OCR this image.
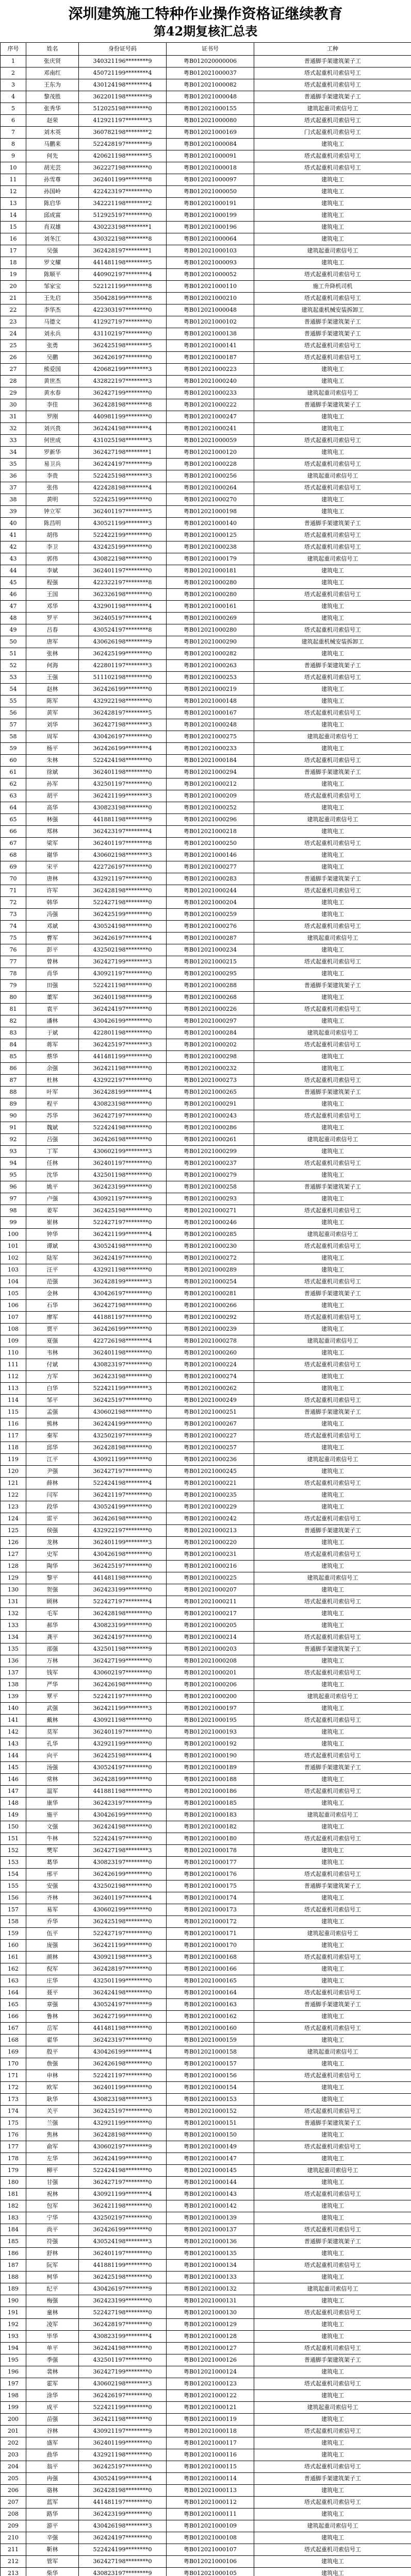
深圳建筑施工特种作业操作资格证继续教育
第42期复核汇总表
序号	姓名	身份证号码	证书号	工种
1	张庆贤	340321196********9	粤B012020000006	普通脚手架建筑架子工
2	邓南红	450721199********4	粤B012021000037	塔式起重机司索信号工
3	王东为	430124198********4	粤B012021000082	塔式起重机司索信号工
4	黎茂胜	362201198********9	粤B012021000048	普通脚手架建筑架子工
5	张秀华	512025198********0	粤B012021000155	建筑起重司索信号工
6	赵荣	412921197********3	粤B012021000080	塔式起重机司索信号工
7	刘木英	360782198********2	粤B012021000169	门式起重机司索信号工
8	马鹏来	522428197********9	粤B012021000084	建筑电工
9	何先	420621198********5	粤B012021000091	塔式起重机司索信号工
10	胡光芸	362227198********0	粤B012021000018	塔式起重机司索信号工
11	孙雪尊	362401199********8	粤B012021000097	建筑电工
12	孙国岭	422423197********0	粤B012021000050	建筑电工
13	陈启华	342221198********2	粤B012021000191	建筑电工
14	邱成富	512925197********0	粤B012021000199	建筑电工
15	肖双雄	430223198********1	粤B012021000196	建筑电工
16	刘冬江	430322198********8	粤B012021000064	建筑电工
17	吴强	362428197********1	粤B012021000103	建筑起重司索信号工
18	罗文耀	441481198********5	粤B012021000093	建筑电工
19	陈顺平	440902197********4	粤B012021000052	塔式起重机司索信号工
20	邹家宝	522121199********8	粤B012021000110	施工升降机司机
21	王先启	350428199********8	粤B012021000210	塔式起重机司索信号工
22	李华杰	422303197********0	粤B012021000048	建筑起重机械安装拆卸工
23	马德文	412927197********0	粤B012021000102	普通脚手架建筑架子工
24	刘永兵	431102197********0	粤B012021000138	普通脚手架建筑架子工
25	张勇	362425198********5	粤B012021000141	塔式起重机司索信号工
26	吴鹏	362426197********0	粤B012021000187	塔式起重机司索信号工
27	熊爱国	420682199********3	粤B012021000223	建筑电工
28	黄世杰	432822197********3	粤B012021000240	建筑电工
29	黄水春	362427199********0	粤B012021000233	建筑起重司索信号工
30	李佳	362428198********8	粤B012021000222	普通脚手架建筑架子工
31	罗刚	440981199********0	粤B012021000247	建筑电工
32	刘兴贵	362424198********4	粤B012021000241	建筑电工
33	何世成	431025198********3	粤B012021000059	塔式起重机司索信号工
34	罗新华	362427198********1	粤B012021000120	建筑电工
35	易卫兵	362424197********9	粤B012021000228	塔式起重机司索信号工
36	李贵	522425198********3	粤B012021000256	建筑起重司索信号工
37	张伟	422428198********4	粤B012021000264	塔式起重机司索信号工
38	黄明	522425199********0	粤B012021000270	建筑电工
39	钟立军	362401197********5	粤B012021000198	建筑电工
40	陈昌明	430521199********3	粤B012021000140	普通脚手架建筑架子工
41	胡伟	522422199********0	粤B012021000125	塔式起重机司索信号工
42	李卫	432425199********0	粤B012021000238	塔式起重机司索信号工
43	郭伟	430822198********0	粤B012021000179	建筑起重司索信号工
44	李斌	362401197********0	粤B012021000181	建筑电工
45	程强	422322197********8	粤B012021000280	建筑电工
46	王国	362326198********0	粤B012021000280	塔式起重机司索信号工
47	邓华	432901198********4	粤B012021000161	建筑电工
48	罗平	362405197********4	粤B012021000269	建筑电工
49	吕春	430524197********8	粤B012021000280	塔式起重机司索信号工
50	唐军	430626198********9	粤B012021000290	建筑起重机械安装拆卸工
51	张林	362425199********0	粤B012021000282	建筑电工
52	何海	422801197********3	粤B012021000263	普通脚手架建筑架子工
53	王强	511102198********0	粤B012021000253	塔式起重机司索信号工
54	赵林	362426199********0	粤B012021000219	建筑电工
55	陈军	432922198********0	粤B012021000148	建筑电工
56	黄军	362428197********5	粤B012021000167	塔式起重机司索信号工
57	刘华	362427198********3	粤B012021000248	建筑电工
58	周军	430426197********0	粤B012021000275	建筑起重司索信号工
59	杨平	362426199********4	粤B012021000233	建筑电工
60	朱林	522424198********0	粤B012021000184	塔式起重机司索信号工
61	徐斌	362401198********0	粤B012021000294	普通脚手架建筑架子工
62	孙军	432501197********0	粤B012021000212	建筑电工
63	胡平	362421199********3	粤B012021000209	塔式起重机司索信号工
64	高华	430823198********0	粤B012021000252	建筑电工
65	林强	441881198********9	粤B012021000296	建筑起重司索信号工
66	郑林	362423197********4	粤B012021000218	建筑电工
67	梁军	362401197********8	粤B012021000250	塔式起重机司索信号工
68	谢华	430602198********3	粤B012021000146	建筑电工
69	宋平	422726197********0	粤B012021000277	建筑电工
70	唐林	432921197********0	粤B012021000283	普通脚手架建筑架子工
71	许军	362428198********0	粤B012021000244	塔式起重机司索信号工
72	韩华	522427198********0	粤B012021000204	建筑电工
73	冯强	362425199********0	粤B012021000259	建筑电工
74	邓斌	430524198********0	粤B012021000276	塔式起重机司索信号工
75	曹军	362426197********4	粤B012021000287	建筑起重司索信号工
76	彭平	432502198********0	粤B012021000234	建筑电工
77	曾林	362427199********3	粤B012021000215	塔式起重机司索信号工
78	肖华	430921197********0	粤B012021000295	建筑电工
79	田强	522421198********0	粤B012021000288	普通脚手架建筑架子工
80	董军	362401198********9	粤B012021000268	建筑电工
81	袁平	362424197********0	粤B012021000226	塔式起重机司索信号工
82	潘林	430426199********0	粤B012021000297	建筑电工
83	于斌	422801198********0	粤B012021000284	建筑起重司索信号工
84	蒋军	362425197********3	粤B012021000202	塔式起重机司索信号工
85	蔡华	441481199********0	粤B012021000298	建筑电工
86	余强	362421198********0	粤B012021000232	建筑电工
87	杜林	432922197********0	粤B012021000273	塔式起重机司索信号工
88	叶军	362428199********4	粤B012021000265	普通脚手架建筑架子工
89	程平	430823198********0	粤B012021000291	建筑电工
90	苏华	362427197********0	粤B012021000243	塔式起重机司索信号工
91	魏斌	522424198********0	粤B012021000286	建筑电工
92	吕强	362426198********0	粤B012021000261	建筑起重司索信号工
93	丁军	430602199********3	粤B012021000299	建筑电工
94	任林	362401197********0	粤B012021000237	塔式起重机司索信号工
95	沈华	432501198********0	粤B012021000279	建筑电工
96	姚平	362423199********0	粤B012021000258	普通脚手架建筑架子工
97	卢强	430921197********9	粤B012021000293	建筑电工
98	姜军	362425198********0	粤B012021000271	塔式起重机司索信号工
99	崔林	522427197********0	粤B012021000246	建筑电工
100	钟华	362421199********4	粤B012021000285	建筑起重司索信号工
101	谭斌	430524198********0	粤B012021000230	塔式起重机司索信号工
102	陆军	362424197********0	粤B012021000272	建筑电工
103	汪平	432921198********0	粤B012021000289	建筑电工
104	范强	362428199********3	粤B012021000254	塔式起重机司索信号工
105	金林	430426197********0	粤B012021000281	普通脚手架建筑架子工
106	石华	362427198********0	粤B012021000266	建筑电工
107	廖军	441881197********0	粤B012021000292	塔式起重机司索信号工
108	贾平	362426199********0	粤B012021000239	建筑电工
109	夏强	422726198********4	粤B012021000278	建筑起重司索信号工
110	韦林	362401198********0	粤B012021000260	建筑电工
111	付斌	430823197********0	粤B012021000224	塔式起重机司索信号工
112	方军	362423198********0	粤B012021000274	建筑电工
113	白华	522421199********3	粤B012021000262	建筑电工
114	邹平	362425197********0	粤B012021000249	塔式起重机司索信号工
115	孟强	430602198********0	粤B012021000251	普通脚手架建筑架子工
116	熊林	362424199********0	粤B012021000267	建筑电工
117	秦军	432502197********9	粤B012021000227	塔式起重机司索信号工
118	邱华	362428198********0	粤B012021000257	建筑电工
119	江平	430921199********0	粤B012021000236	建筑起重司索信号工
120	尹强	362427197********0	粤B012021000245	建筑电工
121	薛林	522424198********4	粤B012021000221	塔式起重机司索信号工
122	闫军	362421197********0	粤B012021000235	建筑电工
123	段华	430524199********0	粤B012021000229	建筑电工
124	雷平	362426198********0	粤B012021000242	塔式起重机司索信号工
125	侯强	432922197********0	粤B012021000213	普通脚手架建筑架子工
126	龙林	362401199********3	粤B012021000220	建筑电工
127	史军	430426198********0	粤B012021000231	塔式起重机司索信号工
128	陶华	362425197********0	粤B012021000216	建筑电工
129	黎平	441481198********0	粤B012021000225	建筑起重司索信号工
130	贺强	362423199********0	粤B012021000207	建筑电工
131	顾林	522427197********4	粤B012021000211	塔式起重机司索信号工
132	毛军	362428198********0	粤B012021000217	建筑电工
133	郝华	430823199********0	粤B012021000205	建筑电工
134	龚平	362424197********0	粤B012021000214	塔式起重机司索信号工
135	邵强	432501198********9	粤B012021000203	普通脚手架建筑架子工
136	万林	362427199********0	粤B012021000208	建筑电工
137	钱军	430602197********0	粤B012021000201	塔式起重机司索信号工
138	严华	362426198********0	粤B012021000206	建筑电工
139	覃平	522421197********0	粤B012021000200	建筑起重司索信号工
140	武强	362421199********3	粤B012021000197	建筑电工
141	戴林	430921198********0	粤B012021000195	塔式起重机司索信号工
142	莫军	362401197********0	粤B012021000193	建筑电工
143	孔华	432921199********0	粤B012021000192	建筑电工
144	向平	362425198********4	粤B012021000190	塔式起重机司索信号工
145	汤强	430524197********0	粤B012021000189	普通脚手架建筑架子工
146	常林	362428199********0	粤B012021000188	建筑电工
147	温军	441881198********0	粤B012021000186	塔式起重机司索信号工
148	康华	362423197********9	粤B012021000185	建筑电工
149	施平	430426199********0	粤B012021000183	建筑起重司索信号工
150	文强	362424198********0	粤B012021000182	建筑电工
151	牛林	522424197********0	粤B012021000180	塔式起重机司索信号工
152	樊军	362427198********3	粤B012021000178	建筑电工
153	葛华	430823197********0	粤B012021000177	建筑电工
154	邢平	362426199********0	粤B012021000176	塔式起重机司索信号工
155	安强	432502198********0	粤B012021000175	普通脚手架建筑架子工
156	齐林	362401197********4	粤B012021000174	建筑电工
157	易军	430602199********0	粤B012021000173	塔式起重机司索信号工
158	乔华	362425198********0	粤B012021000172	建筑电工
159	伍平	522427197********0	粤B012021000171	建筑起重司索信号工
160	庞强	362421199********0	粤B012021000170	建筑电工
161	颜林	430921198********3	粤B012021000168	塔式起重机司索信号工
162	倪军	362428197********0	粤B012021000166	建筑电工
163	庄华	432501199********0	粤B012021000165	建筑电工
164	聂平	362424198********0	粤B012021000164	塔式起重机司索信号工
165	章强	430524197********9	粤B012021000163	普通脚手架建筑架子工
166	鲁林	362427199********0	粤B012021000162	建筑电工
167	岳军	441481198********0	粤B012021000160	塔式起重机司索信号工
168	翟华	362423197********0	粤B012021000159	建筑电工
169	殷平	430426199********4	粤B012021000158	建筑起重司索信号工
170	詹强	362426198********0	粤B012021000157	建筑电工
171	申林	522421197********0	粤B012021000156	塔式起重机司索信号工
172	欧军	362401199********0	粤B012021000154	建筑电工
173	耿华	430823198********3	粤B012021000153	建筑电工
174	关平	362425197********0	粤B012021000152	塔式起重机司索信号工
175	兰强	432921199********0	粤B012021000151	普通脚手架建筑架子工
176	焦林	362428198********0	粤B012021000150	建筑电工
177	俞军	430602197********9	粤B012021000149	塔式起重机司索信号工
178	左华	362424199********0	粤B012021000147	建筑电工
179	柳平	522424198********0	粤B012021000145	建筑起重司索信号工
180	甘强	362427197********0	粤B012021000144	建筑电工
181	祝林	430921199********4	粤B012021000143	塔式起重机司索信号工
182	包军	362421198********0	粤B012021000142	建筑电工
183	宁华	432502197********0	粤B012021000139	建筑电工
184	尚平	362426199********0	粤B012021000137	塔式起重机司索信号工
185	符强	430524198********3	粤B012021000136	普通脚手架建筑架子工
186	舒林	362401197********0	粤B012021000135	建筑电工
187	阮军	441881199********0	粤B012021000134	塔式起重机司索信号工
188	柯华	362425198********0	粤B012021000133	建筑电工
189	纪平	430426197********9	粤B012021000132	建筑起重司索信号工
190	梅强	362423199********0	粤B012021000131	建筑电工
191	童林	522427198********0	粤B012021000130	塔式起重机司索信号工
192	凌军	362428197********0	粤B012021000129	建筑电工
193	毕华	430823199********4	粤B012021000128	建筑电工
194	单平	362424198********0	粤B012021000127	塔式起重机司索信号工
195	季强	432501197********0	粤B012021000126	普通脚手架建筑架子工
196	裴林	362427199********0	粤B012021000124	建筑电工
197	霍军	430602198********3	粤B012021000123	塔式起重机司索信号工
198	涂华	362426197********0	粤B012021000122	建筑电工
199	成平	522421199********0	粤B012021000121	建筑起重司索信号工
200	苗强	362421198********0	粤B012021000119	建筑电工
201	谷林	430921197********9	粤B012021000118	塔式起重机司索信号工
202	盛军	362401199********0	粤B012021000117	建筑电工
203	曲华	432921198********0	粤B012021000116	建筑电工
204	翁平	362425197********0	粤B012021000115	塔式起重机司索信号工
205	冉强	430524199********4	粤B012021000114	普通脚手架建筑架子工
206	骆林	362428198********0	粤B012021000113	建筑电工
207	蓝军	441481197********0	粤B012021000112	塔式起重机司索信号工
208	路华	362423199********0	粤B012021000111	建筑电工
209	游平	430426198********3	粤B012021000109	建筑起重司索信号工
210	辛强	362424197********0	粤B012021000108	建筑电工
211	靳林	522424199********0	粤B012021000107	塔式起重机司索信号工
212	管军	362427198********0	粤B012021000106	建筑电工
213	柴华	430823197********9	粤B012021000105	建筑电工
